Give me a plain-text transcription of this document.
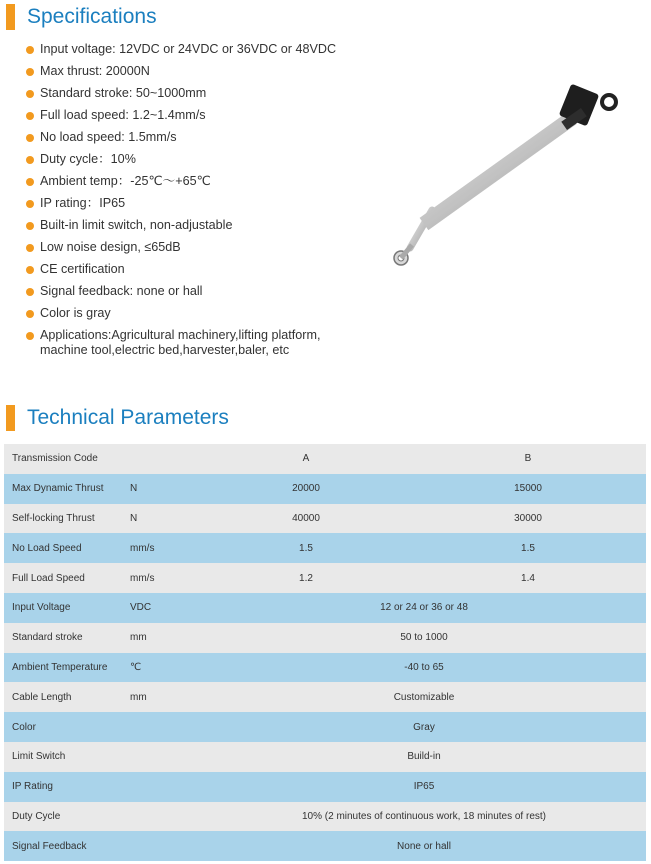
Specifications
Input voltage: 12VDC or 24VDC or 36VDC or 48VDC
Max thrust: 20000N
Standard stroke: 50~1000mm
Full load speed: 1.2~1.4mm/s
No load speed: 1.5mm/s
Duty cycle：10%
Ambient temp：-25℃～+65℃
IP rating：IP65
Built-in limit switch, non-adjustable
Low noise design, ≤65dB
CE certification
Signal feedback: none or hall
Color is gray
Applications:Agricultural machinery,lifting platform, machine tool,electric bed,harvester,baler, etc
Technical Parameters
Transmission Code		A	B
Max Dynamic Thrust	N	20000	15000
Self-locking Thrust	N	40000	30000
No Load Speed	mm/s	1.5	1.5
Full Load Speed	mm/s	1.2	1.4
Input Voltage	VDC	12 or 24 or 36 or 48	
Standard stroke	mm	50 to 1000	
Ambient Temperature	℃	-40 to 65	
Cable Length	mm	Customizable	
Color		Gray	
Limit Switch		Build-in	
IP Rating		IP65	
Duty Cycle		10% (2 minutes of continuous work, 18 minutes of rest)	
Signal Feedback		None or hall	
